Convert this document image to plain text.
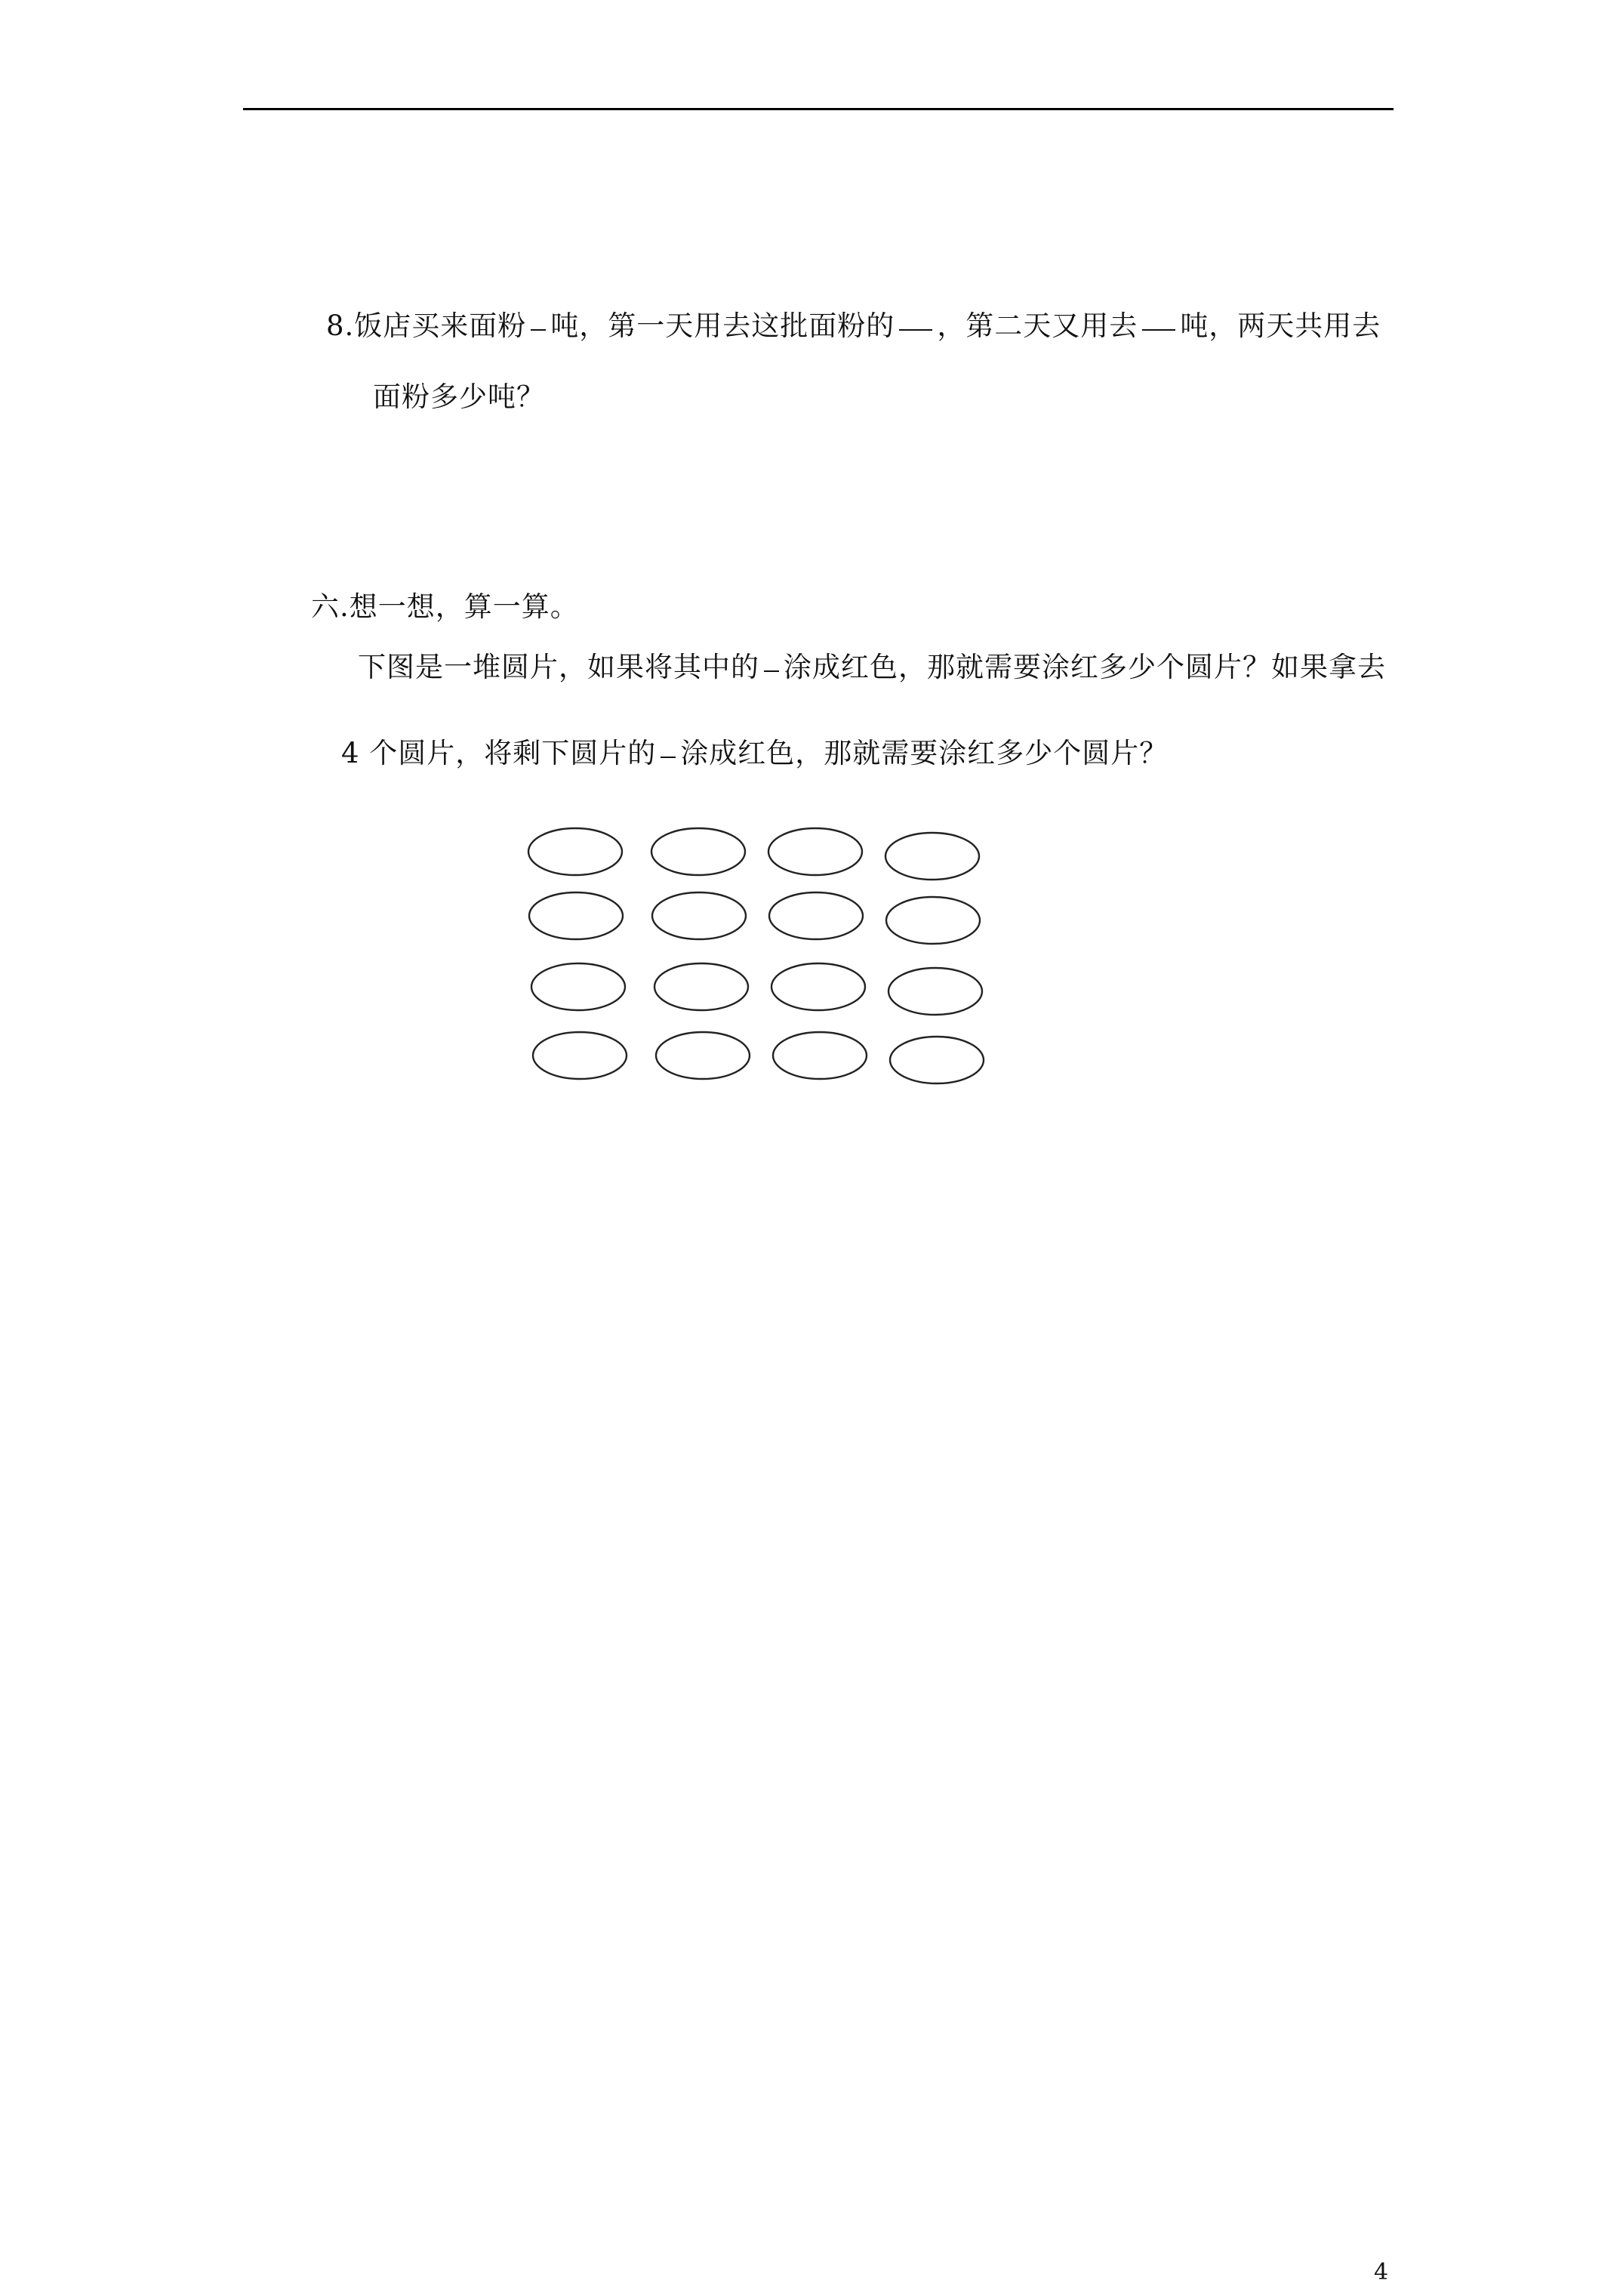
8.饭店买来面粉 吨，第一天用去这批面粉的 ，第二天又用去 吨，两天共用去
面粉多少吨？
六.想一想，算一算。
下图是一堆圆片，如果将其中的 涂成红色，那就需要涂红多少个圆片？如果拿去
4 个圆片，将剩下圆片的 涂成红色，那就需要涂红多少个圆片？
4
